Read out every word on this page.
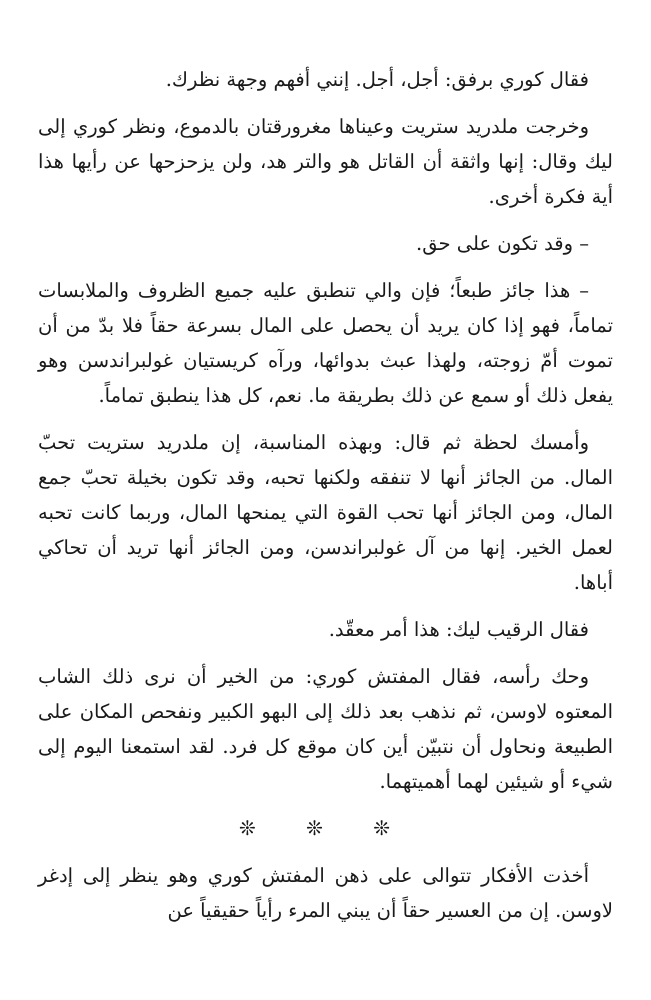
فقال كوري برفق: أجل، أجل. إنني أفهم وجهة نظرك.

وخرجت ملدريد ستريت وعيناها مغرورقتان بالدموع، ونظر كوري إلى ليك وقال: إنها واثقة أن القاتل هو والتر هد، ولن يزحزحها عن رأيها هذا أية فكرة أخرى.

– وقد تكون على حق.

– هذا جائز طبعاً؛ فإن والي تنطبق عليه جميع الظروف والملابسات تماماً، فهو إذا كان يريد أن يحصل على المال بسرعة حقاً فلا بدّ من أن تموت أمّ زوجته، ولهذا عبث بدوائها، ورآه كريستيان غولبراندسن وهو يفعل ذلك أو سمع عن ذلك بطريقة ما. نعم، كل هذا ينطبق تماماً.

وأمسك لحظة ثم قال: وبهذه المناسبة، إن ملدريد ستريت تحبّ المال. من الجائز أنها لا تنفقه ولكنها تحبه، وقد تكون بخيلة تحبّ جمع المال، ومن الجائز أنها تحب القوة التي يمنحها المال، وربما كانت تحبه لعمل الخير. إنها من آل غولبراندسن، ومن الجائز أنها تريد أن تحاكي أباها.

فقال الرقيب ليك: هذا أمر معقّد.

وحك رأسه، فقال المفتش كوري: من الخير أن نرى ذلك الشاب المعتوه لاوسن، ثم نذهب بعد ذلك إلى البهو الكبير ونفحص المكان على الطبيعة ونحاول أن نتبيّن أين كان موقع كل فرد. لقد استمعنا اليوم إلى شيء أو شيئين لهما أهميتهما.

❊ ❊ ❊

أخذت الأفكار تتوالى على ذهن المفتش كوري وهو ينظر إلى إدغر لاوسن. إن من العسير حقاً أن يبني المرء رأياً حقيقياً عن
